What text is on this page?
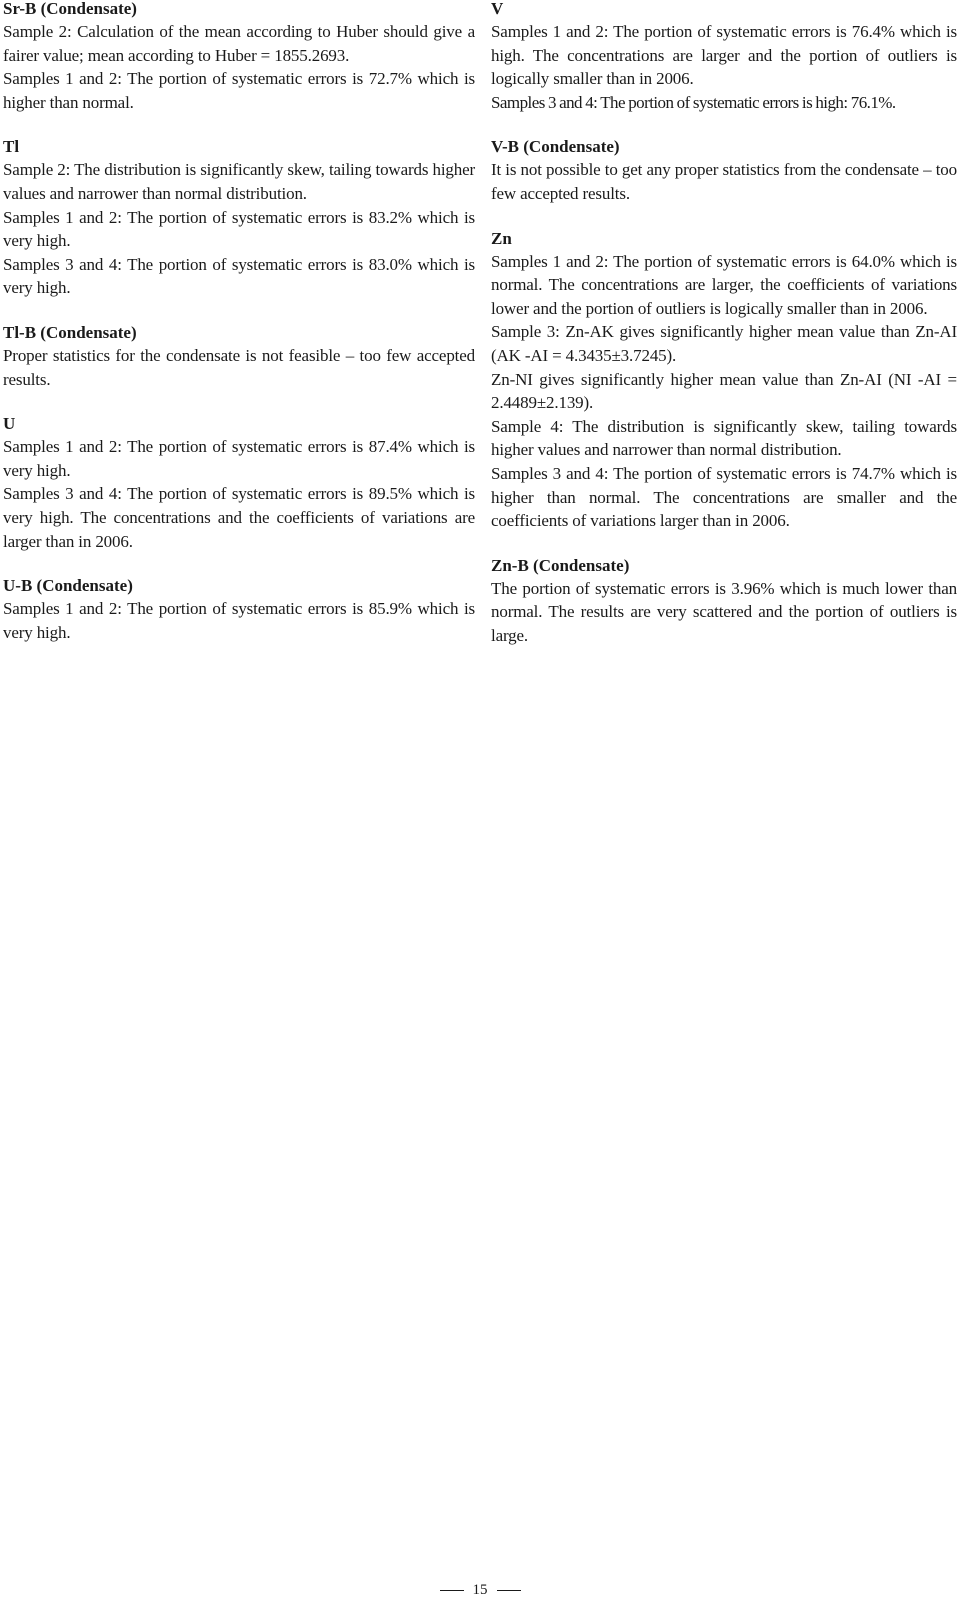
Sr-B (Condensate)

Sample 2: Calculation of the mean according to Huber should give a fairer value; mean according to Huber = 1855.2693.

Samples 1 and 2: The portion of systematic errors is 72.7% which is higher than normal.

Tl

Sample 2: The distribution is significantly skew, tailing towards higher values and narrower than normal distribution.

Samples 1 and 2: The portion of systematic errors is 83.2% which is very high.

Samples 3 and 4: The portion of systematic errors is 83.0% which is very high.

Tl-B (Condensate)

Proper statistics for the condensate is not feasible – too few accepted results.

U

Samples 1 and 2: The portion of systematic errors is 87.4% which is very high.

Samples 3 and 4: The portion of systematic errors is 89.5% which is very high. The concentrations and the coefficients of variations are larger than in 2006.

U-B (Condensate)

Samples 1 and 2: The portion of systematic errors is 85.9% which is very high.

V

Samples 1 and 2: The portion of systematic errors is 76.4% which is high. The concentrations are larger and the portion of outliers is logically smaller than in 2006.

Samples 3 and 4: The portion of systematic errors is high: 76.1%.

V-B (Condensate)

It is not possible to get any proper statistics from the condensate – too few accepted results.

Zn

Samples 1 and 2: The portion of systematic errors is 64.0% which is normal. The concentrations are larger, the coefficients of variations lower and the portion of outliers is logically smaller than in 2006.

Sample 3: Zn-AK gives significantly higher mean value than Zn-AI (AK -AI = 4.3435±3.7245).

Zn-NI gives significantly higher mean value than Zn-AI (NI -AI = 2.4489±2.139).

Sample 4: The distribution is significantly skew, tailing towards higher values and narrower than normal distribution.

Samples 3 and 4: The portion of systematic errors is 74.7% which is higher than normal. The concentrations are smaller and the coefficients of variations larger than in 2006.

Zn-B (Condensate)

The portion of systematic errors is 3.96% which is much lower than normal. The results are very scattered and the portion of outliers is large.

15
